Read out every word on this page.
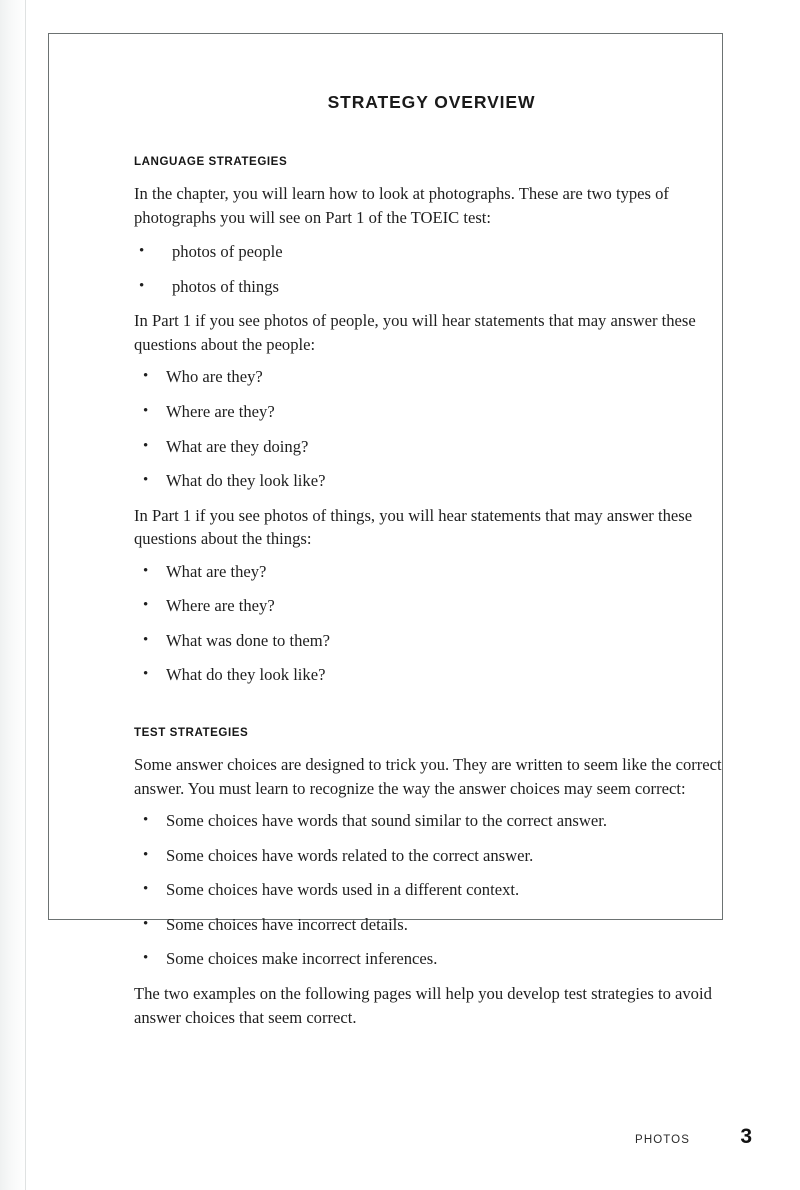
STRATEGY OVERVIEW
LANGUAGE STRATEGIES

In the chapter, you will learn how to look at photographs. These are two types of photographs you will see on Part 1 of the TOEIC test:

• photos of people
• photos of things

In Part 1 if you see photos of people, you will hear statements that may answer these questions about the people:

• Who are they?
• Where are they?
• What are they doing?
• What do they look like?

In Part 1 if you see photos of things, you will hear statements that may answer these questions about the things:

• What are they?
• Where are they?
• What was done to them?
• What do they look like?
TEST STRATEGIES

Some answer choices are designed to trick you. They are written to seem like the correct answer. You must learn to recognize the way the answer choices may seem correct:

• Some choices have words that sound similar to the correct answer.
• Some choices have words related to the correct answer.
• Some choices have words used in a different context.
• Some choices have incorrect details.
• Some choices make incorrect inferences.

The two examples on the following pages will help you develop test strategies to avoid answer choices that seem correct.

PHOTOS 3
